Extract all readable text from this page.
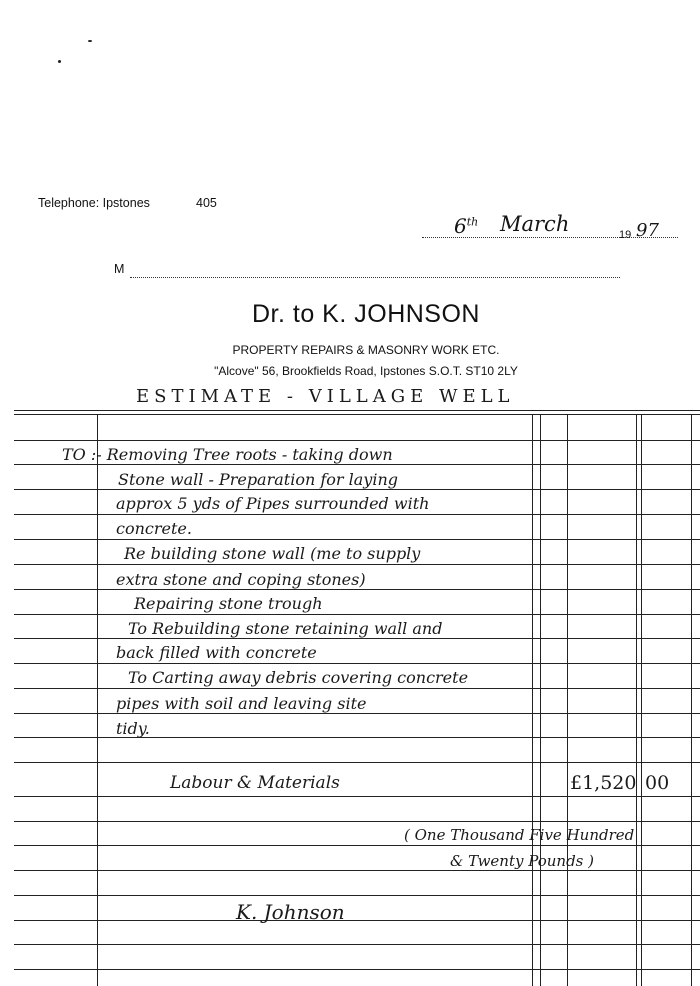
Telephone: Ipstones	405
6th March	19 97
M
Dr. to K. JOHNSON
PROPERTY REPAIRS & MASONRY WORK ETC.
"Alcove" 56, Brookfields Road, Ipstones S.O.T. ST10 2LY
ESTIMATE - VILLAGE WELL
TO :- Removing Tree roots - taking down
Stone wall - Preparation for laying
approx 5 yds of Pipes surrounded with
concrete.
Re building stone wall (me to supply
extra stone and coping stones)
Repairing stone trough
To Rebuilding stone retaining wall and
back filled with concrete
To Carting away debris covering concrete
pipes with soil and leaving site
tidy.
Labour & Materials	£1,520 00
( One Thousand Five Hundred
& Twenty Pounds )
K. Johnson
